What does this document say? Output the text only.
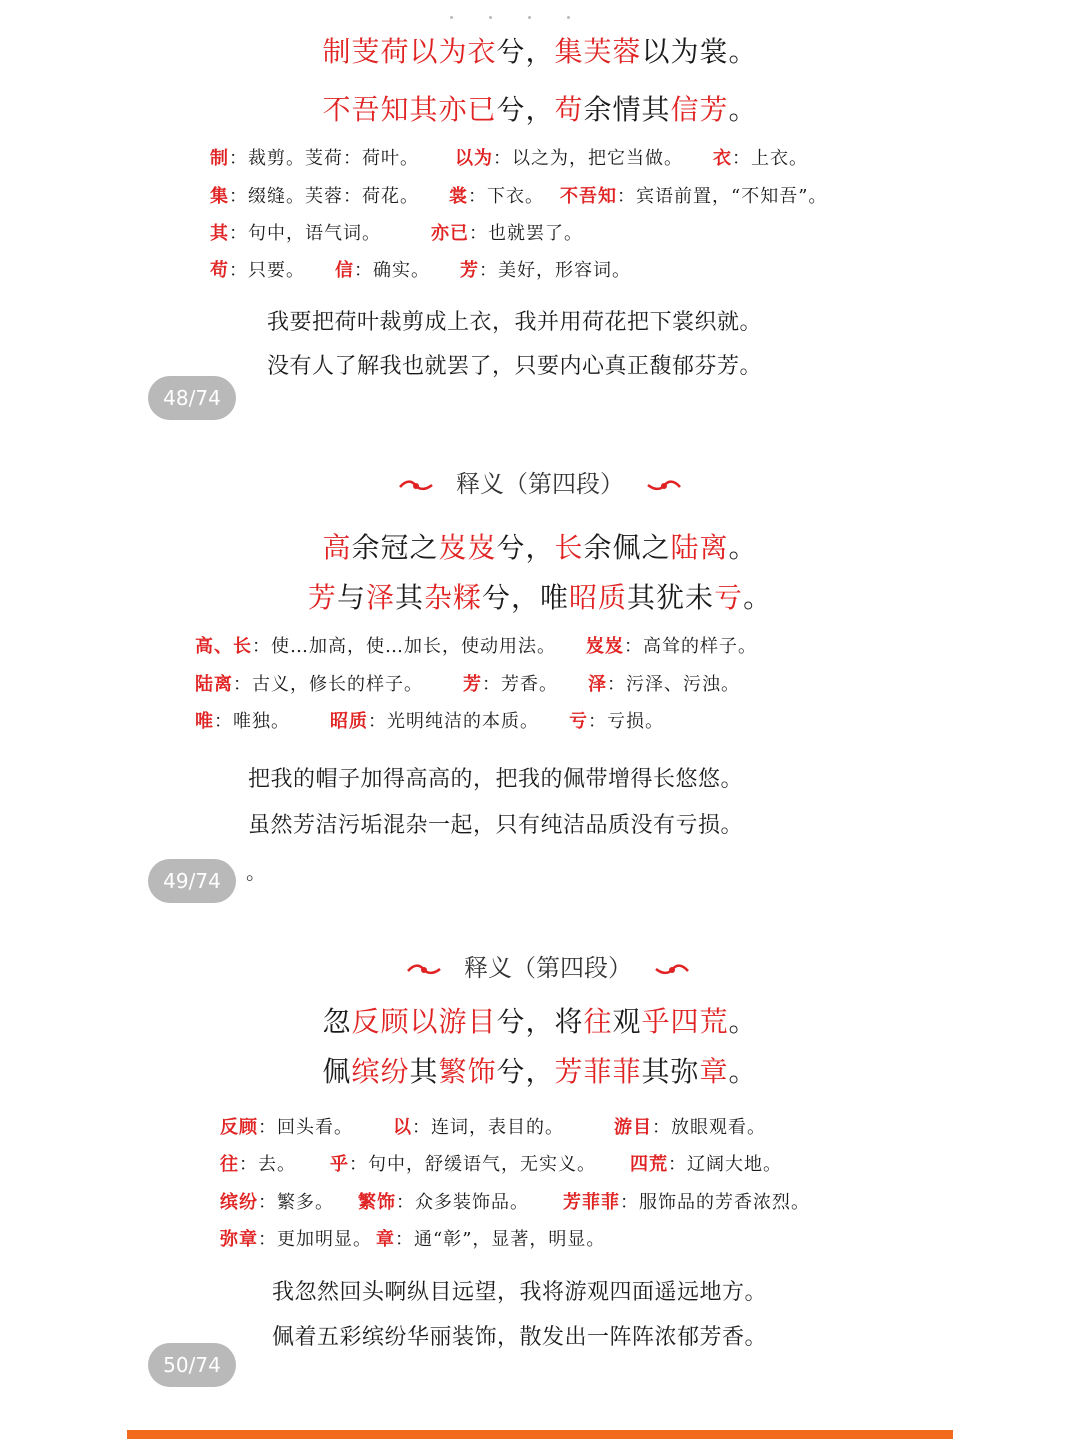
制芰荷以为衣兮，集芙蓉以为裳。
不吾知其亦已兮，苟余情其信芳。
制：裁剪。芰荷：荷叶。 以为：以之为，把它当做。 衣：上衣。
集：缀缝。芙蓉：荷花。 裳：下衣。 不吾知：宾语前置，“不知吾”。
其：句中，语气词。	亦已：也就罢了。
苟：只要。 信：确实。 芳：美好，形容词。
我要把荷叶裁剪成上衣，我并用荷花把下裳织就。
没有人了解我也就罢了，只要内心真正馥郁芬芳。
48/74
释义（第四段）
高余冠之岌岌兮，长余佩之陆离。
芳与泽其杂糅兮，唯昭质其犹未亏。
高、长：使…加高，使…加长，使动用法。 岌岌：高耸的样子。
陆离：古义，修长的样子。 芳：芳香。 泽：污泽、污浊。
唯：唯独。 昭质：光明纯洁的本质。 亏：亏损。
把我的帽子加得高高的，把我的佩带增得长悠悠。
虽然芳洁污垢混杂一起，只有纯洁品质没有亏损。
49/74	。
释义（第四段）
忽反顾以游目兮，将往观乎四荒。
佩缤纷其繁饰兮，芳菲菲其弥章。
反顾：回头看。 以：连词，表目的。	游目：放眼观看。
往：去。 乎：句中，舒缓语气，无实义。 四荒：辽阔大地。
缤纷：繁多。 繁饰：众多装饰品。 芳菲菲：服饰品的芳香浓烈。
弥章：更加明显。 章：通“彰”，显著，明显。
我忽然回头啊纵目远望，我将游观四面遥远地方。
佩着五彩缤纷华丽装饰，散发出一阵阵浓郁芳香。
50/74
